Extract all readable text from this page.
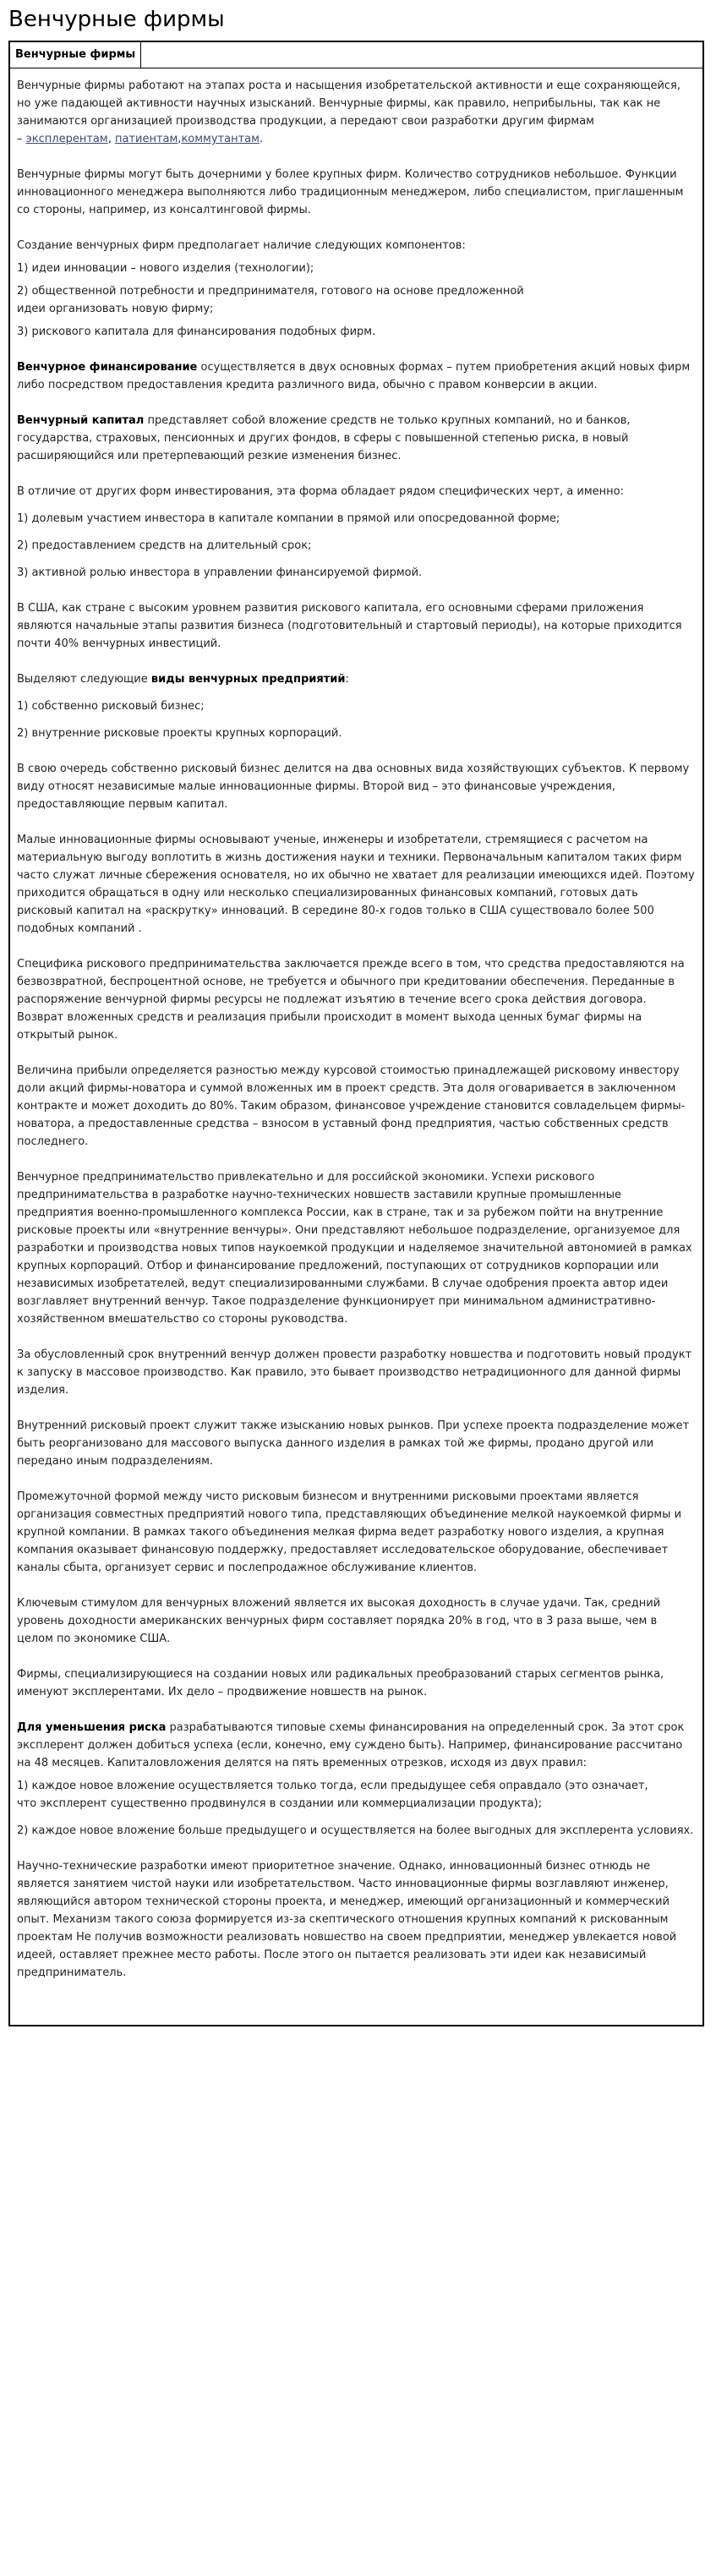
Венчурные фирмы
Венчурные фирмы

Венчурные фирмы работают на этапах роста и насыщения изобретательской активности и еще сохраняющейся, но уже падающей активности научных изысканий. Венчурные фирмы, как правило, неприбыльны, так как не занимаются организацией производства продукции, а передают свои разработки другим фирмам
– эксплерентам, патиентам,коммутантам.

Венчурные фирмы могут быть дочерними у более крупных фирм. Количество сотрудников небольшое. Функции инновационного менеджера выполняются либо традиционным менеджером, либо специалистом, приглашенным со стороны, например, из консалтинговой фирмы.

Создание венчурных фирм предполагает наличие следующих компонентов:
1) идеи инновации – нового изделия (технологии);
2) общественной потребности и предпринимателя, готового на основе предложенной
идеи организовать новую фирму;
3) рискового капитала для финансирования подобных фирм.

Венчурное финансирование осуществляется в двух основных формах – путем приобретения акций новых фирм либо посредством предоставления кредита различного вида, обычно с правом конверсии в акции.

Венчурный капитал представляет собой вложение средств не только крупных компаний, но и банков, государства, страховых, пенсионных и других фондов, в сферы с повышенной степенью риска, в новый расширяющийся или претерпевающий резкие изменения бизнес.

В отличие от других форм инвестирования, эта форма обладает рядом специфических черт, а именно:
1) долевым участием инвестора в капитале компании в прямой или опосредованной форме;
2) предоставлением средств на длительный срок;
3) активной ролью инвестора в управлении финансируемой фирмой.

В США, как стране с высоким уровнем развития рискового капитала, его основными сферами приложения являются начальные этапы развития бизнеса (подготовительный и стартовый периоды), на которые приходится почти 40% венчурных инвестиций.

Выделяют следующие виды венчурных предприятий:
1) собственно рисковый бизнес;
2) внутренние рисковые проекты крупных корпораций.

В свою очередь собственно рисковый бизнес делится на два основных вида хозяйствующих субъектов. К первому виду относят независимые малые инновационные фирмы. Второй вид – это финансовые учреждения, предоставляющие первым капитал.

Малые инновационные фирмы основывают ученые, инженеры и изобретатели, стремящиеся с расчетом на материальную выгоду воплотить в жизнь достижения науки и техники. Первоначальным капиталом таких фирм часто служат личные сбережения основателя, но их обычно не хватает для реализации имеющихся идей. Поэтому приходится обращаться в одну или несколько специализированных финансовых компаний, готовых дать рисковый капитал на «раскрутку» инноваций. В середине 80-х годов только в США существовало более 500 подобных компаний .

Специфика рискового предпринимательства заключается прежде всего в том, что средства предоставляются на безвозвратной, беспроцентной основе, не требуется и обычного при кредитовании обеспечения. Переданные в распоряжение венчурной фирмы ресурсы не подлежат изъятию в течение всего срока действия договора. Возврат вложенных средств и реализация прибыли происходит в момент выхода ценных бумаг фирмы на открытый рынок.

Величина прибыли определяется разностью между курсовой стоимостью принадлежащей рисковому инвестору доли акций фирмы-новатора и суммой вложенных им в проект средств. Эта доля оговаривается в заключенном контракте и может доходить до 80%. Таким образом, финансовое учреждение становится совладельцем фирмы-новатора, а предоставленные средства – взносом в уставный фонд предприятия, частью собственных средств последнего.

Венчурное предпринимательство привлекательно и для российской экономики. Успехи рискового предпринимательства в разработке научно-технических новшеств заставили крупные промышленные предприятия военно-промышленного комплекса России, как в стране, так и за рубежом пойти на внутренние рисковые проекты или «внутренние венчуры». Они представляют небольшое подразделение, организуемое для разработки и производства новых типов наукоемкой продукции и наделяемое значительной автономией в рамках крупных корпораций. Отбор и финансирование предложений, поступающих от сотрудников корпорации или независимых изобретателей, ведут специализированными службами. В случае одобрения проекта автор идеи возглавляет внутренний венчур. Такое подразделение функционирует при минимальном административно-хозяйственном вмешательство со стороны руководства.

За обусловленный срок внутренний венчур должен провести разработку новшества и подготовить новый продукт к запуску в массовое производство. Как правило, это бывает производство нетрадиционного для данной фирмы изделия.

Внутренний рисковый проект служит также изысканию новых рынков. При успехе проекта подразделение может быть реорганизовано для массового выпуска данного изделия в рамках той же фирмы, продано другой или передано иным подразделениям.

Промежуточной формой между чисто рисковым бизнесом и внутренними рисковыми проектами является организация совместных предприятий нового типа, представляющих объединение мелкой наукоемкой фирмы и крупной компании. В рамках такого объединения мелкая фирма ведет разработку нового изделия, а крупная компания оказывает финансовую поддержку, предоставляет исследовательское оборудование, обеспечивает каналы сбыта, организует сервис и послепродажное обслуживание клиентов.

Ключевым стимулом для венчурных вложений является их высокая доходность в случае удачи. Так, средний уровень доходности американских венчурных фирм составляет порядка 20% в год, что в 3 раза выше, чем в целом по экономике США.

Фирмы, специализирующиеся на создании новых или радикальных преобразований старых сегментов рынка, именуют эксплерентами. Их дело – продвижение новшеств на рынок.

Для уменьшения риска разрабатываются типовые схемы финансирования на определенный срок. За этот срок эксплерент должен добиться успеха (если, конечно, ему суждено быть). Например, финансирование рассчитано на 48 месяцев. Капиталовложения делятся на пять временных отрезков, исходя из двух правил:
1) каждое новое вложение осуществляется только тогда, если предыдущее себя оправдало (это означает,
что эксплерент существенно продвинулся в создании или коммерциализации продукта);
2) каждое новое вложение больше предыдущего и осуществляется на более выгодных для эксплерента условиях.

Научно-технические разработки имеют приоритетное значение. Однако, инновационный бизнес отнюдь не является занятием чистой науки или изобретательством. Часто инновационные фирмы возглавляют инженер, являющийся автором технической стороны проекта, и менеджер, имеющий организационный и коммерческий опыт. Механизм такого союза формируется из-за скептического отношения крупных компаний к рискованным проектам Не получив возможности реализовать новшество на своем предприятии, менеджер увлекается новой идеей, оставляет прежнее место работы. После этого он пытается реализовать эти идеи как независимый предприниматель.
